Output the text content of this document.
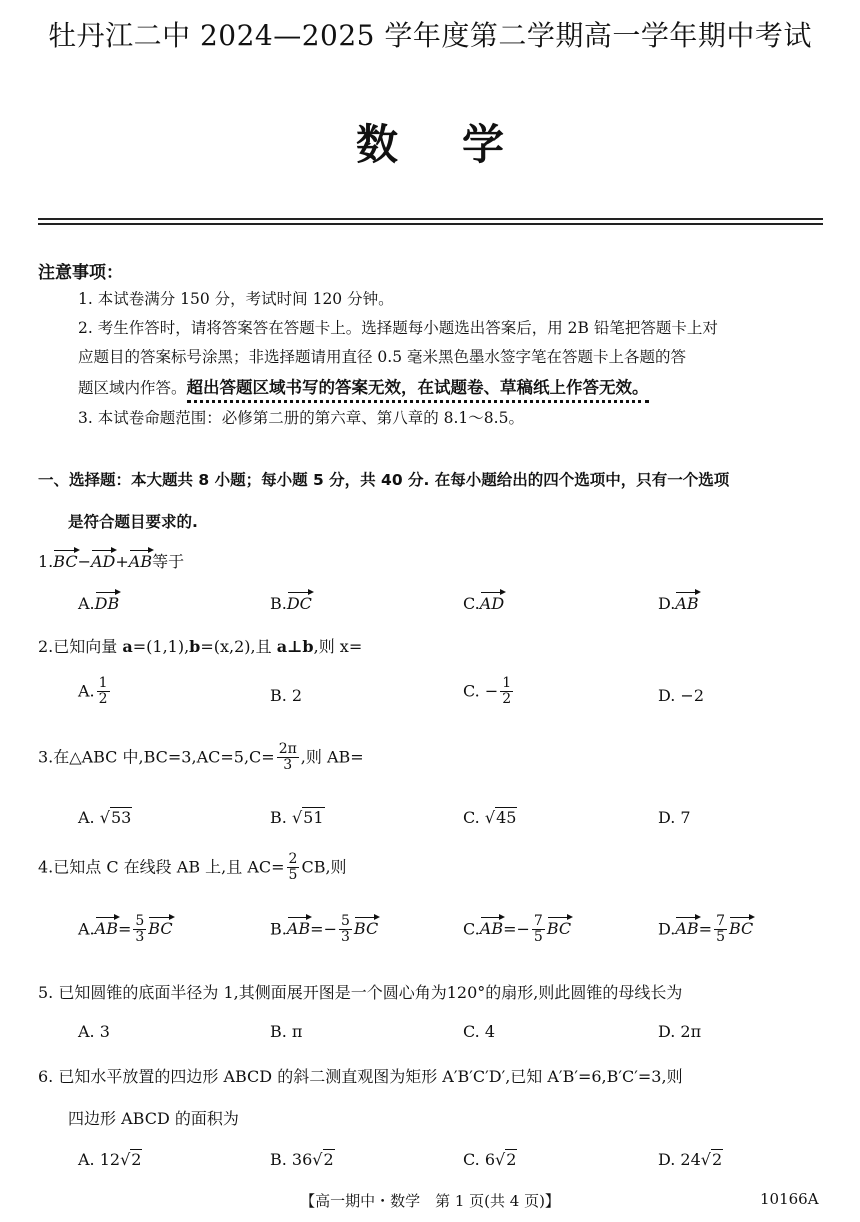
牡丹江二中 2024—2025 学年度第二学期高一学年期中考试
数学
注意事项：
1. 本试卷满分 150 分，考试时间 120 分钟。
2. 考生作答时，请将答案答在答题卡上。选择题每小题选出答案后，用 2B 铅笔把答题卡上对
应题目的答案标号涂黑；非选择题请用直径 0.5 毫米黑色墨水签字笔在答题卡上各题的答
题区域内作答。超出答题区域书写的答案无效，在试题卷、草稿纸上作答无效。
3. 本试卷命题范围：必修第二册的第六章、第八章的 8.1～8.5。
一、选择题：本大题共 8 小题；每小题 5 分，共 40 分. 在每小题给出的四个选项中，只有一个选项
是符合题目要求的.
1.BC−AD+AB等于
A.DB	B.DC	C.AD	D.AB
2.已知向量 a=(1,1),b=(x,2),且 a⊥b,则 x=
A. $\frac{1}{2}$	B. 2	C. − $\frac{1}{2}$	D. −2
3.在△ABC 中$,BC=3,AC=5,C= \frac{2\pi}{3}$ ,则 AB=
A. √53	B. √51	C. √45	D. 7
4.已知点 C 在线段 AB 上,且 $AC= \frac{2}{5}$ CB,则
$A.AB= \frac{5}{3}$ BC	$B.AB=- \frac{5}{3}$ BC	$C.AB=- \frac{7}{5}$ BC	$D.AB= \frac{7}{5}$ BC
5. 已知圆锥的底面半径为 1,其侧面展开图是一个圆心角为120°的扇形,则此圆锥的母线长为
A. 3	B. π	C. 4	D. 2π
6. 已知水平放置的四边形 ABCD 的斜二测直观图为矩形 A′B′C′D′,已知 A′B′=6,B′C′=3,则
四边形 ABCD 的面积为
A. 12√2	B. 36√2	C. 6√2	D. 24√2
【高一期中・数学　第 1 页(共 4 页)】	10166A
